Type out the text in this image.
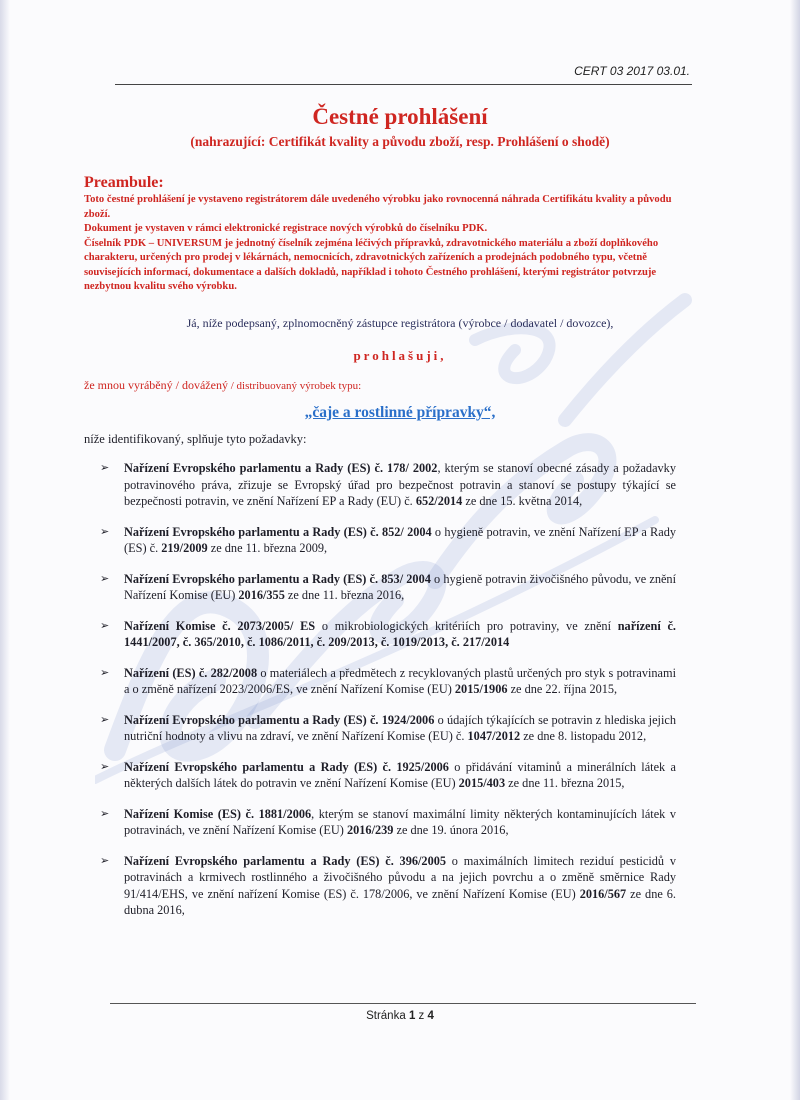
CERT 03 2017 03.01.
Čestné prohlášení
(nahrazující: Certifikát kvality a původu zboží, resp. Prohlášení o shodě)
Preambule:

Toto čestné prohlášení je vystaveno registrátorem dále uvedeného výrobku jako rovnocenná náhrada Certifikátu kvality a původu zboží.

Dokument je vystaven v rámci elektronické registrace nových výrobků do číselníku PDK.

Číselník PDK – UNIVERSUM je jednotný číselník zejména léčivých přípravků, zdravotnického materiálu a zboží doplňkového charakteru, určených pro prodej v lékárnách, nemocnicích, zdravotnických zařízeních a prodejnách podobného typu, včetně souvisejících informací, dokumentace a dalších dokladů, například i tohoto Čestného prohlášení, kterými registrátor potvrzuje nezbytnou kvalitu svého výrobku.

Já, níže podepsaný, zplnomocněný zástupce registrátora (výrobce / dodavatel / dovozce),
prohlašuji,
že mnou vyráběný / dovážený / distribuovaný výrobek typu:
„čaje a rostlinné přípravky“,
níže identifikovaný, splňuje tyto požadavky:
➢ Nařízení Evropského parlamentu a Rady (ES) č. 178/ 2002, kterým se stanoví obecné zásady a požadavky potravinového práva, zřizuje se Evropský úřad pro bezpečnost potravin a stanoví se postupy týkající se bezpečnosti potravin, ve znění Nařízení EP a Rady (EU) č. 652/2014 ze dne 15. května 2014,
➢ Nařízení Evropského parlamentu a Rady (ES) č. 852/ 2004 o hygieně potravin, ve znění Nařízení EP a Rady (ES) č. 219/2009 ze dne 11. března 2009,
➢ Nařízení Evropského parlamentu a Rady (ES) č. 853/ 2004 o hygieně potravin živočišného původu, ve znění Nařízení Komise (EU) 2016/355 ze dne 11. března 2016,
➢ Nařízení Komise č. 2073/2005/ ES o mikrobiologických kritériích pro potraviny, ve znění nařízení č. 1441/2007, č. 365/2010, č. 1086/2011, č. 209/2013, č. 1019/2013, č. 217/2014
➢ Nařízení (ES) č. 282/2008 o materiálech a předmětech z recyklovaných plastů určených pro styk s potravinami a o změně nařízení 2023/2006/ES, ve znění Nařízení Komise (EU) 2015/1906 ze dne 22. října 2015,
➢ Nařízení Evropského parlamentu a Rady (ES) č. 1924/2006 o údajích týkajících se potravin z hlediska jejich nutriční hodnoty a vlivu na zdraví, ve znění Nařízení Komise (EU) č. 1047/2012 ze dne 8. listopadu 2012,
➢ Nařízení Evropského parlamentu a Rady (ES) č. 1925/2006 o přidávání vitaminů a minerálních látek a některých dalších látek do potravin ve znění Nařízení Komise (EU) 2015/403 ze dne 11. března 2015,
➢ Nařízení Komise (ES) č. 1881/2006, kterým se stanoví maximální limity některých kontaminujících látek v potravinách, ve znění Nařízení Komise (EU) 2016/239 ze dne 19. února 2016,
➢ Nařízení Evropského parlamentu a Rady (ES) č. 396/2005 o maximálních limitech reziduí pesticidů v potravinách a krmivech rostlinného a živočišného původu a na jejich povrchu a o změně směrnice Rady 91/414/EHS, ve znění nařízení Komise (ES) č. 178/2006, ve znění Nařízení Komise (EU) 2016/567 ze dne 6. dubna 2016,
Stránka 1 z 4
